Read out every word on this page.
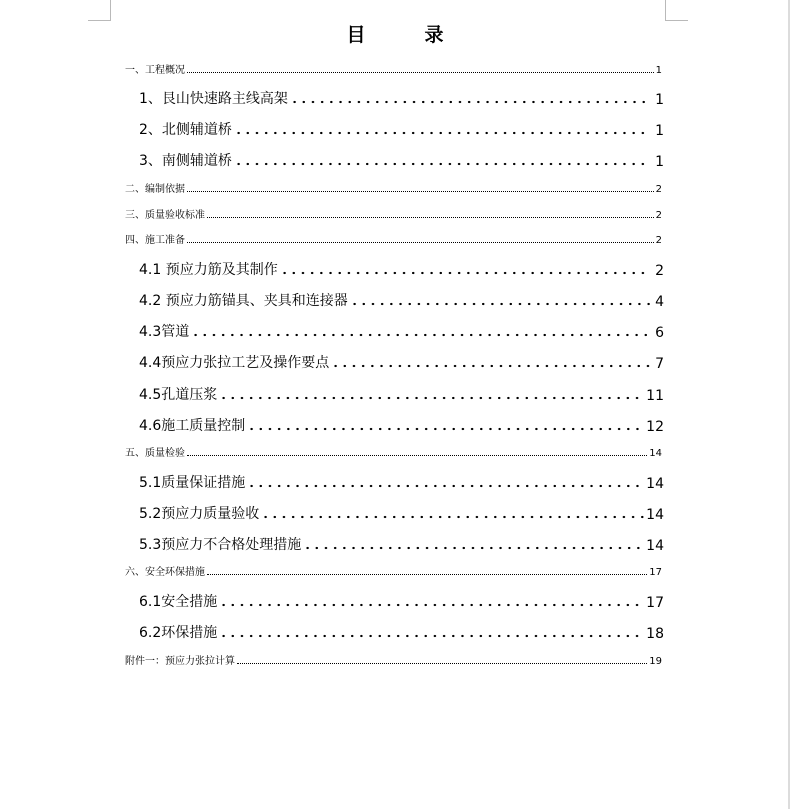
目　录
一、工程概况	1
1、艮山快速路主线高架	1
2、北侧辅道桥	1
3、南侧辅道桥	1
二、编制依据	2
三、质量验收标准	2
四、施工准备	2
4.1 预应力筋及其制作	2
4.2 预应力筋锚具、夹具和连接器	4
4.3管道	6
4.4预应力张拉工艺及操作要点	7
4.5孔道压浆	11
4.6施工质量控制	12
五、质量检验	14
5.1质量保证措施	14
5.2预应力质量验收	14
5.3预应力不合格处理措施	14
六、安全环保措施	17
6.1安全措施	17
6.2环保措施	18
附件一：预应力张拉计算	19
